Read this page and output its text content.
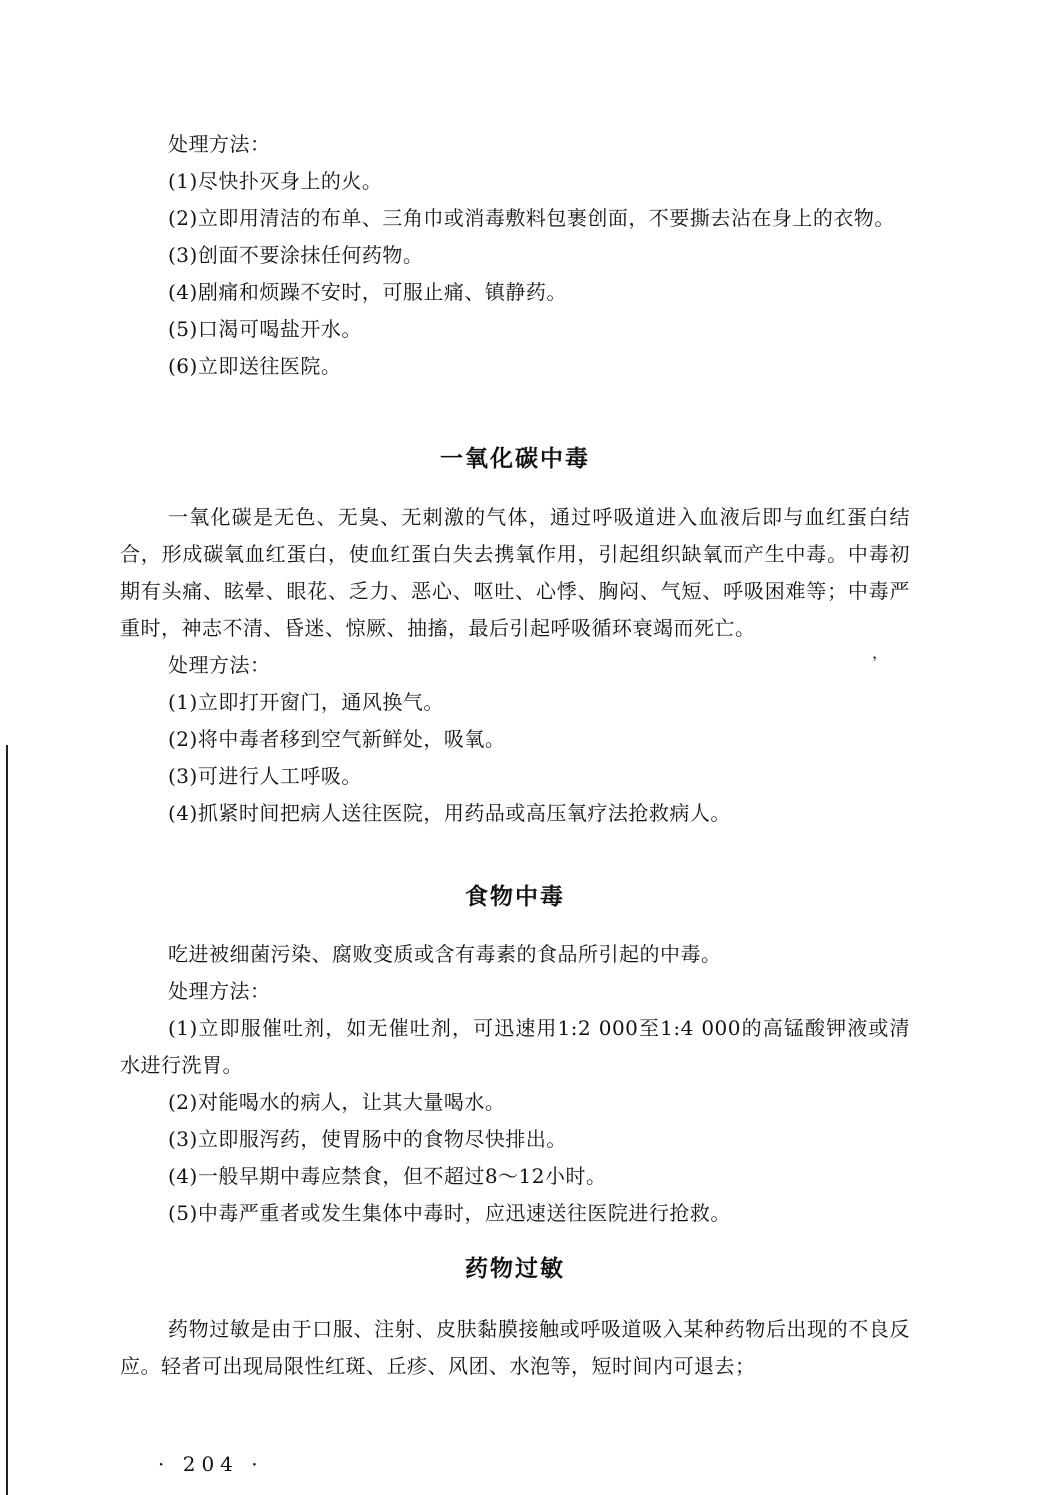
处理方法：

(1)尽快扑灭身上的火。

(2)立即用清洁的布单、三角巾或消毒敷料包裹创面，不要撕去沾在身上的衣物。

(3)创面不要涂抹任何药物。

(4)剧痛和烦躁不安时，可服止痛、镇静药。

(5)口渴可喝盐开水。

(6)立即送往医院。

一氧化碳中毒

一氧化碳是无色、无臭、无刺激的气体，通过呼吸道进入血液后即与血红蛋白结合，形成碳氧血红蛋白，使血红蛋白失去携氧作用，引起组织缺氧而产生中毒。中毒初期有头痛、眩晕、眼花、乏力、恶心、呕吐、心悸、胸闷、气短、呼吸困难等；中毒严重时，神志不清、昏迷、惊厥、抽搐，最后引起呼吸循环衰竭而死亡。

处理方法：

(1)立即打开窗门，通风换气。

(2)将中毒者移到空气新鲜处，吸氧。

(3)可进行人工呼吸。

(4)抓紧时间把病人送往医院，用药品或高压氧疗法抢救病人。

，
食物中毒

吃进被细菌污染、腐败变质或含有毒素的食品所引起的中毒。

处理方法：

(1)立即服催吐剂，如无催吐剂，可迅速用1:2 000至1:4 000的高锰酸钾液或清水进行洗胃。

(2)对能喝水的病人，让其大量喝水。

(3)立即服泻药，使胃肠中的食物尽快排出。

(4)一般早期中毒应禁食，但不超过8～12小时。

(5)中毒严重者或发生集体中毒时，应迅速送往医院进行抢救。

药物过敏

药物过敏是由于口服、注射、皮肤黏膜接触或呼吸道吸入某种药物后出现的不良反应。轻者可出现局限性红斑、丘疹、风团、水泡等，短时间内可退去；

· 204 ·
